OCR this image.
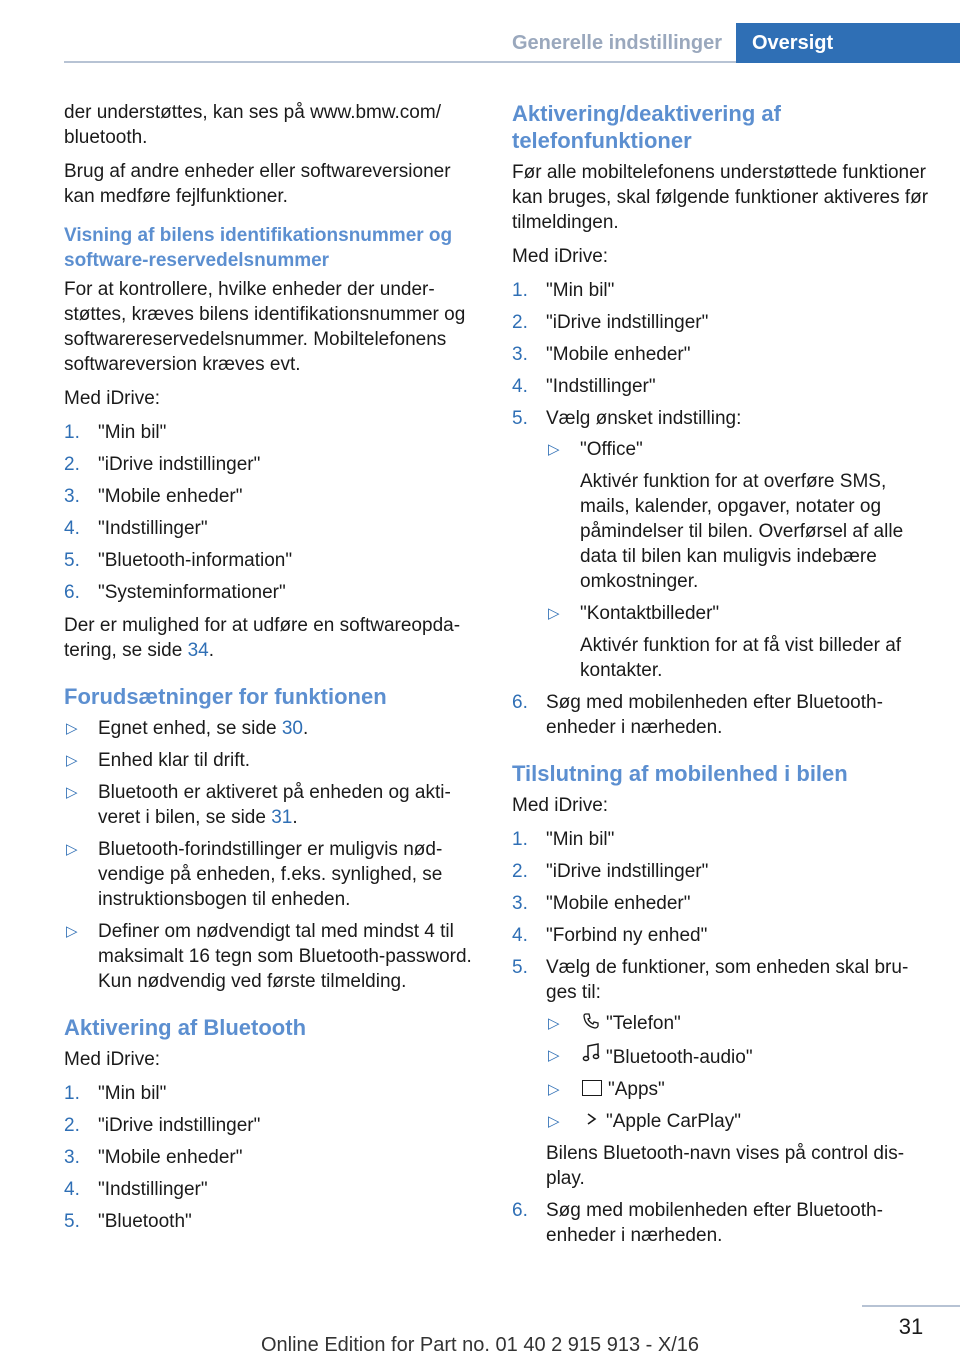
Generelle indstillinger	Oversigt

der understøttes, kan ses på www.bmw.com/ bluetooth.

Brug af andre enheder eller softwareversioner kan medføre fejlfunktioner.

Visning af bilens identifikationsnummer og software-reservedelsnummer

For at kontrollere, hvilke enheder der understøttes, kræves bilens identifikationsnummer og softwarereservedelsnummer. Mobiltelefonens softwareversion kræves evt.

Med iDrive:

1. "Min bil"
2. "iDrive indstillinger"
3. "Mobile enheder"
4. "Indstillinger"
5. "Bluetooth-information"
6. "Systeminformationer"

Der er mulighed for at udføre en softwareopdatering, se side 34.

Forudsætninger for funktionen
▷ Egnet enhed, se side 30.
▷ Enhed klar til drift.
▷ Bluetooth er aktiveret på enheden og aktiveret i bilen, se side 31.
▷ Bluetooth-forindstillinger er muligvis nødvendige på enheden, f.eks. synlighed, se instruktionsbogen til enheden.
▷ Definer om nødvendigt tal med mindst 4 til maksimalt 16 tegn som Bluetooth-password. Kun nødvendig ved første tilmelding.
Aktivering af Bluetooth

Med iDrive:

1. "Min bil"
2. "iDrive indstillinger"
3. "Mobile enheder"
4. "Indstillinger"
5. "Bluetooth"
Aktivering/deaktivering af telefonfunktioner

Før alle mobiltelefonens understøttede funktioner kan bruges, skal følgende funktioner aktiveres før tilmeldingen.

Med iDrive:

1. "Min bil"
2. "iDrive indstillinger"
3. "Mobile enheder"
4. "Indstillinger"
5. Vælg ønsket indstilling:
▷ "Office"
Aktivér funktion for at overføre SMS, mails, kalender, opgaver, notater og påmindelser til bilen. Overførsel af alle data til bilen kan muligvis indebære omkostninger.
▷ "Kontaktbilleder"
Aktivér funktion for at få vist billeder af kontakter.
6. Søg med mobilenheden efter Bluetooth-enheder i nærheden.
Tilslutning af mobilenhed i bilen

Med iDrive:

1. "Min bil"
2. "iDrive indstillinger"
3. "Mobile enheder"
4. "Forbind ny enhed"
5. Vælg de funktioner, som enheden skal bruges til:
▷ "Telefon"
▷ "Bluetooth-audio"
▷	"Apps"
▷ "Apple CarPlay"
Bilens Bluetooth-navn vises på control display.
6. Søg med mobilenheden efter Bluetooth-enheder i nærheden.
31
Online Edition for Part no. 01 40 2 915 913 - X/16
